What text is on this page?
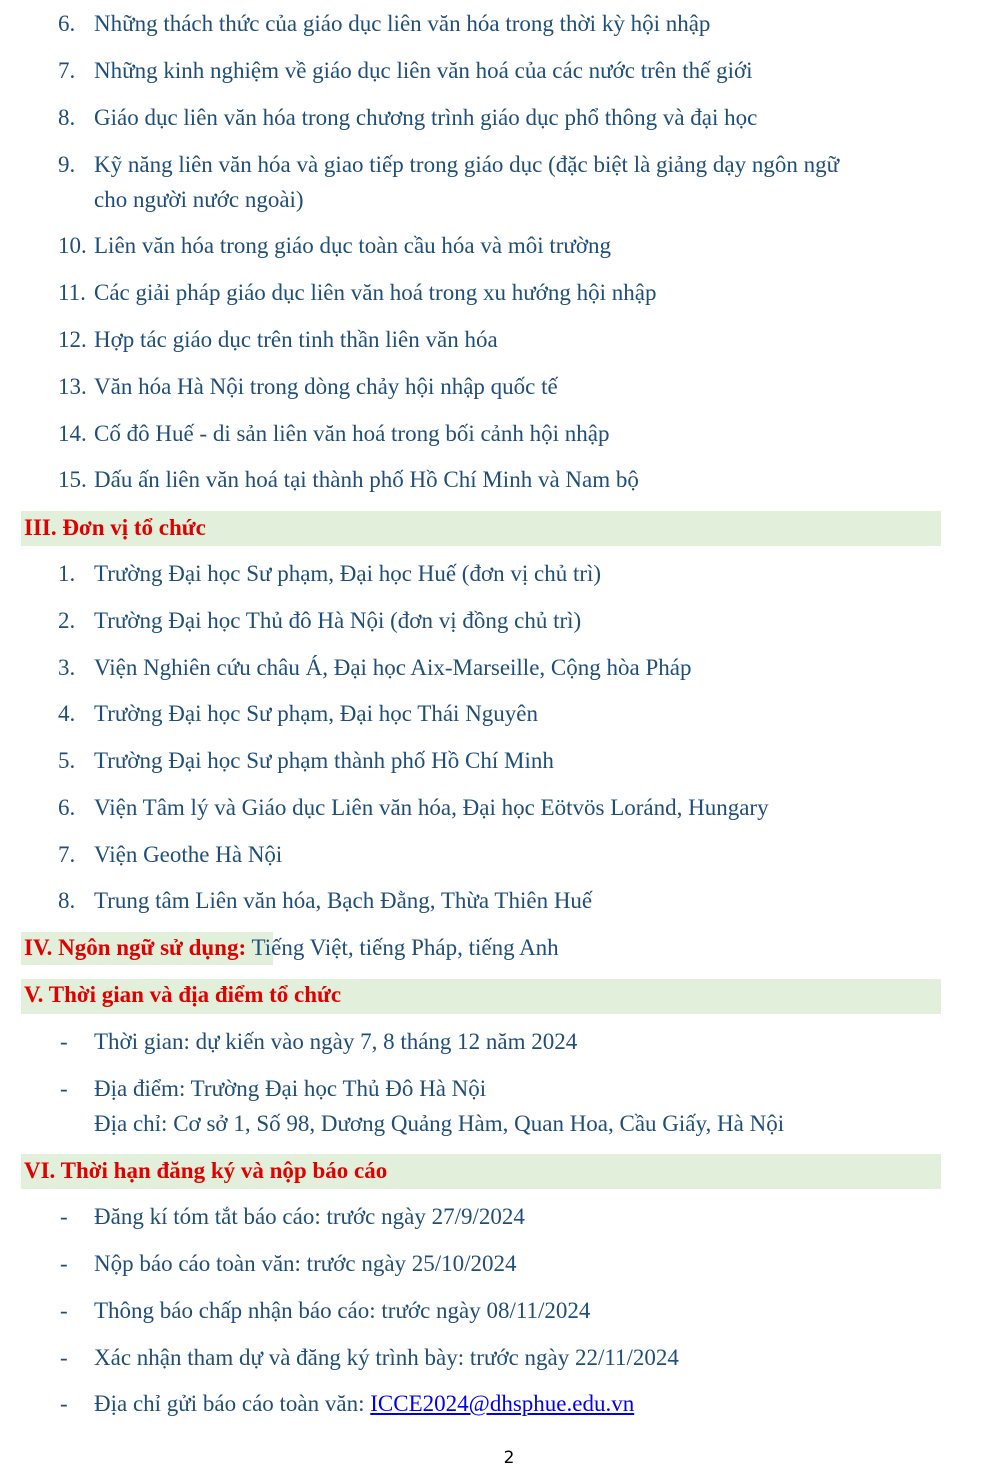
6. Những thách thức của giáo dục liên văn hóa trong thời kỳ hội nhập
7. Những kinh nghiệm về giáo dục liên văn hoá của các nước trên thế giới
8. Giáo dục liên văn hóa trong chương trình giáo dục phổ thông và đại học
9. Kỹ năng liên văn hóa và giao tiếp trong giáo dục (đặc biệt là giảng dạy ngôn ngữ
cho người nước ngoài)
10. Liên văn hóa trong giáo dục toàn cầu hóa và môi trường
11. Các giải pháp giáo dục liên văn hoá trong xu hướng hội nhập
12. Hợp tác giáo dục trên tinh thần liên văn hóa
13. Văn hóa Hà Nội trong dòng chảy hội nhập quốc tế
14. Cố đô Huế - di sản liên văn hoá trong bối cảnh hội nhập
15. Dấu ấn liên văn hoá tại thành phố Hồ Chí Minh và Nam bộ
III. Đơn vị tổ chức
1. Trường Đại học Sư phạm, Đại học Huế (đơn vị chủ trì)
2. Trường Đại học Thủ đô Hà Nội (đơn vị đồng chủ trì)
3. Viện Nghiên cứu châu Á, Đại học Aix-Marseille, Cộng hòa Pháp
4. Trường Đại học Sư phạm, Đại học Thái Nguyên
5. Trường Đại học Sư phạm thành phố Hồ Chí Minh
6. Viện Tâm lý và Giáo dục Liên văn hóa, Đại học Eötvös Loránd, Hungary
7. Viện Geothe Hà Nội
8. Trung tâm Liên văn hóa, Bạch Đằng, Thừa Thiên Huế
IV. Ngôn ngữ sử dụng: Tiếng Việt, tiếng Pháp, tiếng Anh
V. Thời gian và địa điểm tổ chức
- Thời gian: dự kiến vào ngày 7, 8 tháng 12 năm 2024
- Địa điểm: Trường Đại học Thủ Đô Hà Nội
Địa chỉ: Cơ sở 1, Số 98, Dương Quảng Hàm, Quan Hoa, Cầu Giấy, Hà Nội
VI. Thời hạn đăng ký và nộp báo cáo
- Đăng kí tóm tắt báo cáo: trước ngày 27/9/2024
- Nộp báo cáo toàn văn: trước ngày 25/10/2024
- Thông báo chấp nhận báo cáo: trước ngày 08/11/2024
- Xác nhận tham dự và đăng ký trình bày: trước ngày 22/11/2024
- Địa chỉ gửi báo cáo toàn văn: ICCE2024@dhsphue.edu.vn
2
